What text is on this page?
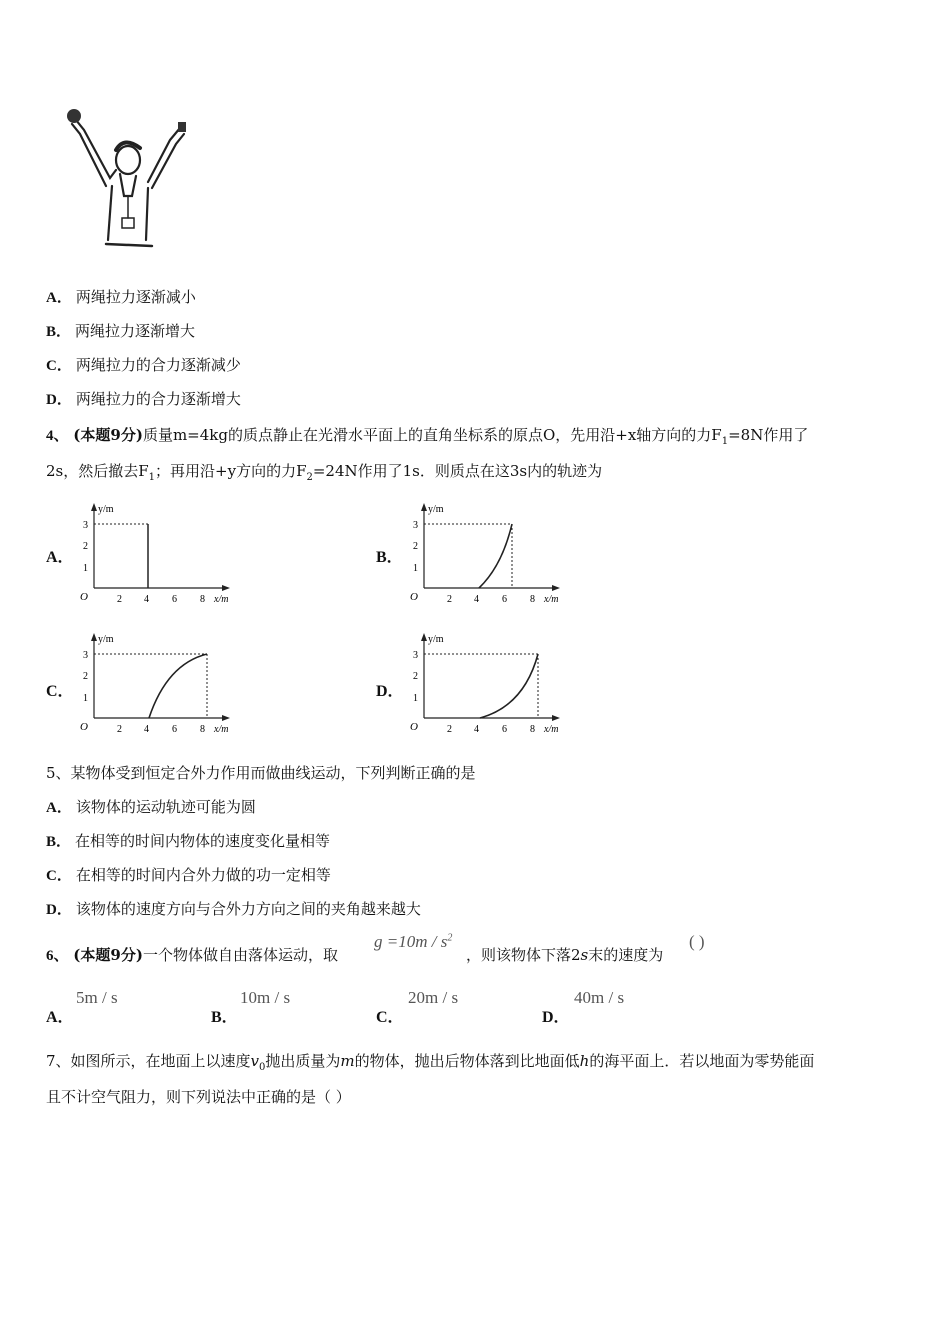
A． 两绳拉力逐渐减小
B． 两绳拉力逐渐增大
C． 两绳拉力的合力逐渐减少
D． 两绳拉力的合力逐渐增大
4、 (本题9分)质量m=4kg的质点静止在光滑水平面上的直角坐标系的原点O，先用沿+x轴方向的力$F_1=8N$作用了
2s，然后撤去$F_1$；再用沿+y方向的力$F_2=24N$作用了1s．则质点在这3s内的轨迹为
A．	B．
C．	D．
y/m
x/m
O
1
2
3
2 4 6 8
y/m
x/m
O
1
2
3
2 4 6 8
y/m
x/m
O
1
2
3
2 4 6 8
y/m
x/m
O
1
2
3
2 4 6 8
5、某物体受到恒定合外力作用而做曲线运动，下列判断正确的是
A． 该物体的运动轨迹可能为圆
B． 在相等的时间内物体的速度变化量相等
C． 在相等的时间内合外力做的功一定相等
D． 该物体的速度方向与合外力方向之间的夹角越来越大
6、 (本题9分)一个物体做自由落体运动，取
$g =10m / s^2$
，则该物体下落2s末的速度为
( )
A．
5m / s
B．
10m / s
C．
20m / s
D．
40m / s
7、如图所示，在地面上以速度$v_0$抛出质量为m的物体，抛出后物体落到比地面低h的海平面上．若以地面为零势能面
且不计空气阻力，则下列说法中正确的是（ ）
